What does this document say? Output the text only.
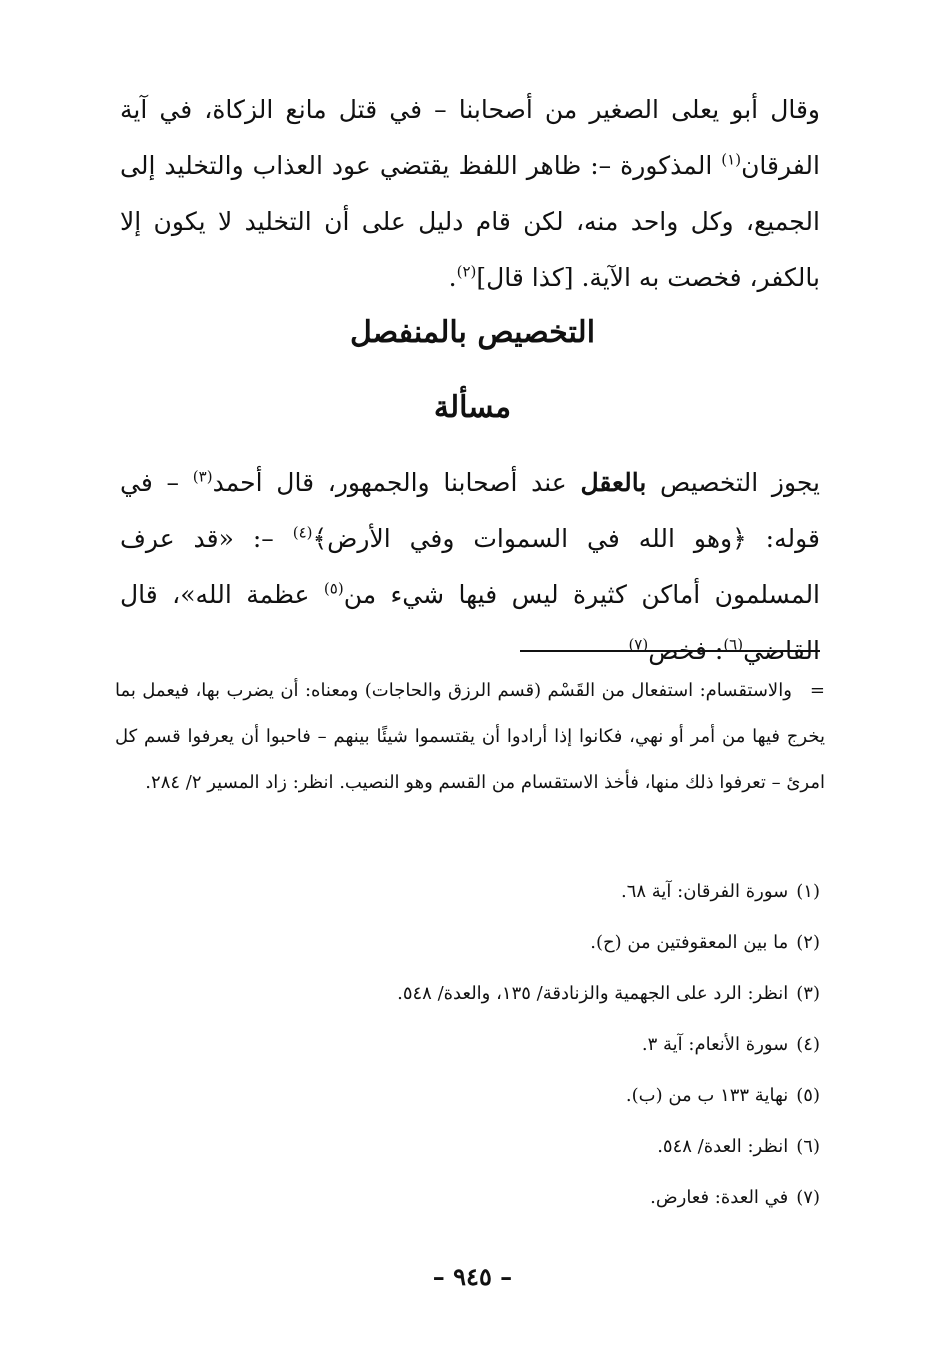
وقال أبو يعلى الصغير من أصحابنا – في قتل مانع الزكاة، في آية الفرقان$^{(١)}$ المذكورة –: ظاهر اللفظ يقتضي عود العذاب والتخليد إلى الجميع، وكل واحد منه، لكن قام دليل على أن التخليد لا يكون إلا بالكفر، فخصت به الآية. [كذا قال]$^{(٢)}$.

التخصيص بالمنفصل
مسألة

يجوز التخصيص بالعقل عند أصحابنا والجمهور، قال أحمد$^{(٣)}$ – في قوله: ﴿وهو الله في السموات وفي الأرض﴾$^{(٤)}$ –: «قد عرف المسلمون أماكن كثيرة ليس فيها شيء من$^{(٥)}$ عظمة الله»، قال القاضي$^{(٦)}$: فخص$^{(٧)}$

=والاستقسام: استفعال من القَسْم (قسم الرزق والحاجات) ومعناه: أن يضرب بها، فيعمل بما يخرج فيها من أمر أو نهي، فكانوا إذا أرادوا أن يقتسموا شيئًا بينهم – فاحبوا أن يعرفوا قسم كل امرئ – تعرفوا ذلك منها، فأخذ الاستقسام من القسم وهو النصيب. انظر: زاد المسير ٢/ ٢٨٤.

(١)سورة الفرقان: آية ٦٨.
(٢)ما بين المعقوفتين من (ح).
(٣)انظر: الرد على الجهمية والزنادقة/ ١٣٥، والعدة/ ٥٤٨.
(٤)سورة الأنعام: آية ٣.
(٥)نهاية ١٣٣ ب من (ب).
(٦)انظر: العدة/ ٥٤٨.
(٧)في العدة: فعارض.
– ٩٤٥ –
